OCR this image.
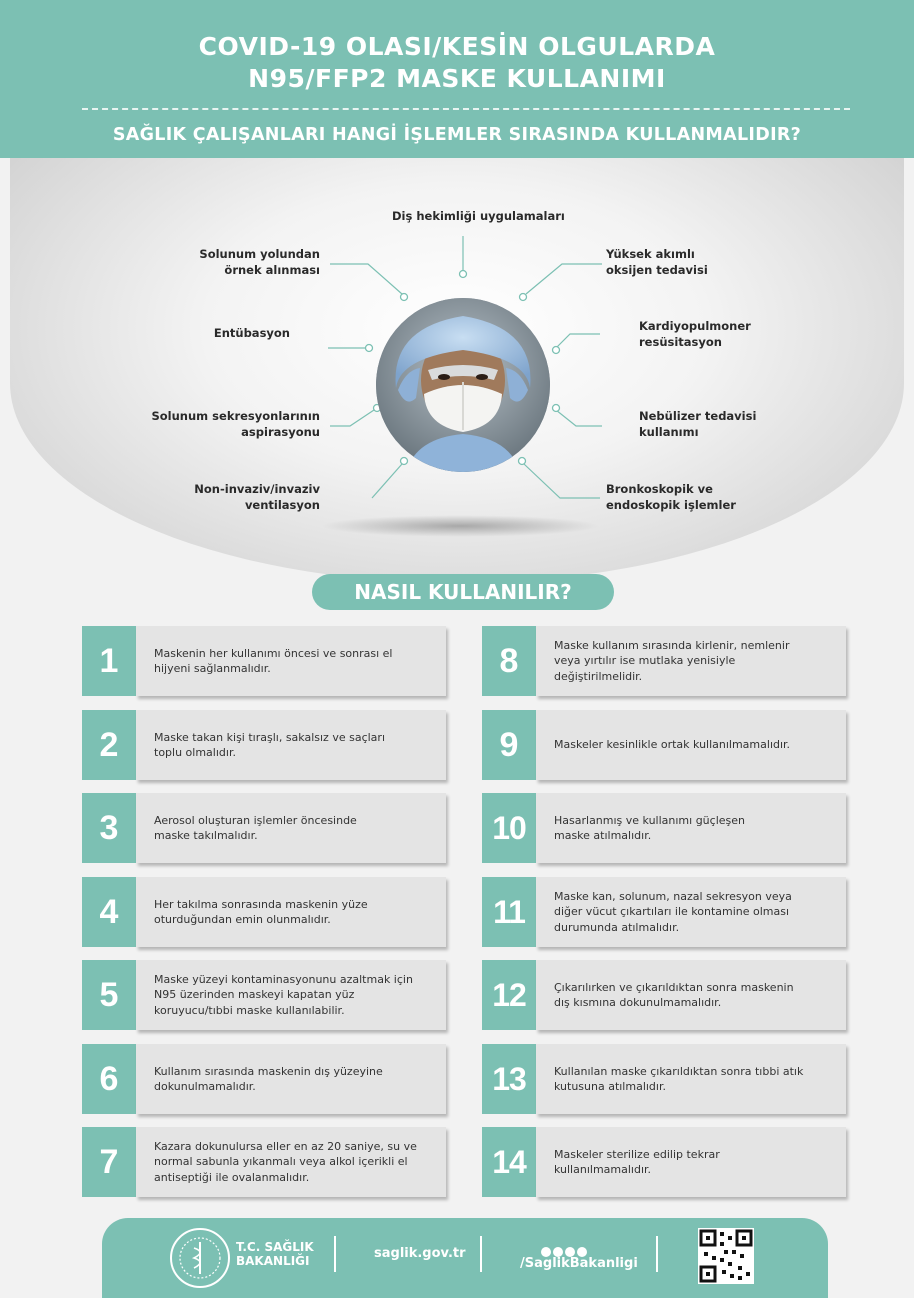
COVID-19 OLASI/KESİN OLGULARDA
N95/FFP2 MASKE KULLANIMI
SAĞLIK ÇALIŞANLARI HANGİ İŞLEMLER SIRASINDA KULLANMALIDIR?
Diş hekimliği uygulamaları
Solunum yolundan
örnek alınması
Entübasyon
Solunum sekresyonlarının
aspirasyonu
Non-invaziv/invaziv
ventilasyon
Yüksek akımlı
oksijen tedavisi
Kardiyopulmoner
resüsitasyon
Nebülizer tedavisi
kullanımı
Bronkoskopik ve
endoskopik işlemler
NASIL KULLANILIR?
1	Maskenin her kullanımı öncesi ve sonrası el
hijyeni sağlanmalıdır.
2	Maske takan kişi tıraşlı, sakalsız ve saçları
toplu olmalıdır.
3	Aerosol oluşturan işlemler öncesinde
maske takılmalıdır.
4	Her takılma sonrasında maskenin yüze
oturduğundan emin olunmalıdır.
5	Maske yüzeyi kontaminasyonunu azaltmak için
N95 üzerinden maskeyi kapatan yüz
koruyucu/tıbbi maske kullanılabilir.
6	Kullanım sırasında maskenin dış yüzeyine
dokunulmamalıdır.
7	Kazara dokunulursa eller en az 20 saniye, su ve
normal sabunla yıkanmalı veya alkol içerikli el
antiseptiği ile ovalanmalıdır.
8	Maske kullanım sırasında kirlenir, nemlenir
veya yırtılır ise mutlaka yenisiyle
değiştirilmelidir.
9	Maskeler kesinlikle ortak kullanılmamalıdır.
10	Hasarlanmış ve kullanımı güçleşen
maske atılmalıdır.
11	Maske kan, solunum, nazal sekresyon veya
diğer vücut çıkartıları ile kontamine olması
durumunda atılmalıdır.
12	Çıkarılırken ve çıkarıldıktan sonra maskenin
dış kısmına dokunulmamalıdır.
13	Kullanılan maske çıkarıldıktan sonra tıbbi atık
kutusuna atılmalıdır.
14	Maskeler sterilize edilip tekrar
kullanılmamalıdır.
T.C. SAĞLIK
BAKANLIĞI	saglik.gov.tr
/SaglikBakanligi
